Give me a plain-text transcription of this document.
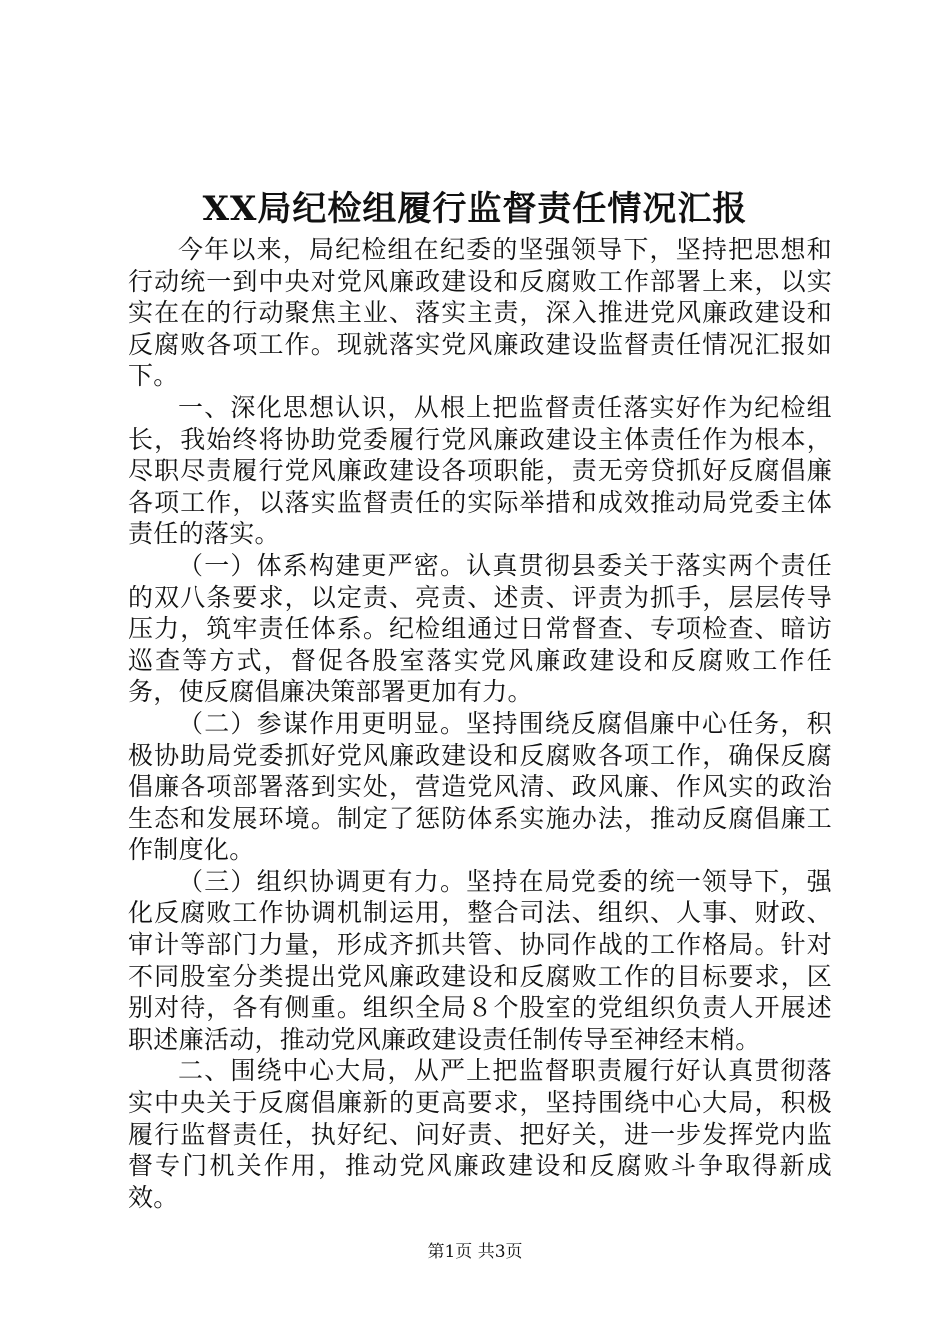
XX局纪检组履行监督责任情况汇报

今年以来，局纪检组在纪委的坚强领导下，坚持把思想和行动统一到中央对党风廉政建设和反腐败工作部署上来，以实实在在的行动聚焦主业、落实主责，深入推进党风廉政建设和反腐败各项工作。现就落实党风廉政建设监督责任情况汇报如下。

一、深化思想认识，从根上把监督责任落实好作为纪检组长，我始终将协助党委履行党风廉政建设主体责任作为根本，尽职尽责履行党风廉政建设各项职能，责无旁贷抓好反腐倡廉各项工作，以落实监督责任的实际举措和成效推动局党委主体责任的落实。

（一）体系构建更严密。认真贯彻县委关于落实两个责任的双八条要求，以定责、亮责、述责、评责为抓手，层层传导压力，筑牢责任体系。纪检组通过日常督查、专项检查、暗访巡查等方式，督促各股室落实党风廉政建设和反腐败工作任务，使反腐倡廉决策部署更加有力。

（二）参谋作用更明显。坚持围绕反腐倡廉中心任务，积极协助局党委抓好党风廉政建设和反腐败各项工作，确保反腐倡廉各项部署落到实处，营造党风清、政风廉、作风实的政治生态和发展环境。制定了惩防体系实施办法，推动反腐倡廉工作制度化。

（三）组织协调更有力。坚持在局党委的统一领导下，强化反腐败工作协调机制运用，整合司法、组织、人事、财政、审计等部门力量，形成齐抓共管、协同作战的工作格局。针对不同股室分类提出党风廉政建设和反腐败工作的目标要求，区别对待，各有侧重。组织全局８个股室的党组织负责人开展述职述廉活动，推动党风廉政建设责任制传导至神经末梢。

二、围绕中心大局，从严上把监督职责履行好认真贯彻落实中央关于反腐倡廉新的更高要求，坚持围绕中心大局，积极履行监督责任，执好纪、问好责、把好关，进一步发挥党内监督专门机关作用，推动党风廉政建设和反腐败斗争取得新成效。

第1页 共3页
